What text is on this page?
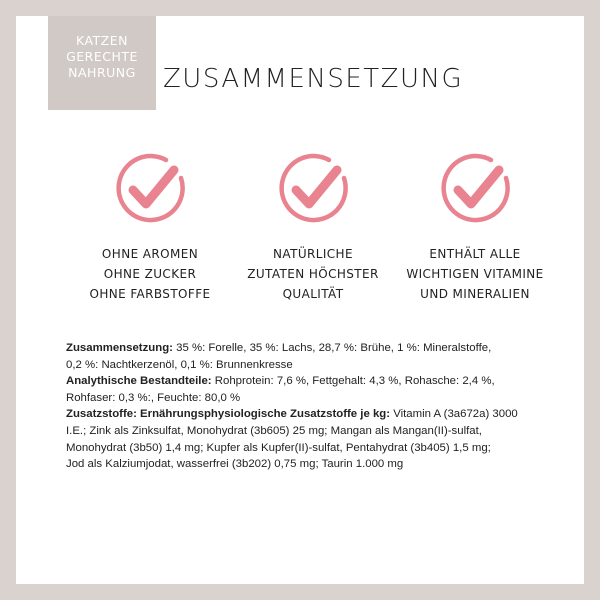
KATZEN
GERECHTE
NAHRUNG	ZUSAMMENSETZUNG
OHNE AROMEN
OHNE ZUCKER
OHNE FARBSTOFFE
NATÜRLICHE
ZUTATEN HÖCHSTER
QUALITÄT
ENTHÄLT ALLE
WICHTIGEN VITAMINE
UND MINERALIEN
Zusammensetzung: 35 %: Forelle, 35 %: Lachs, 28,7 %: Brühe, 1 %: Mineralstoffe,
0,2 %: Nachtkerzenöl, 0,1 %: Brunnenkresse
Analythische Bestandteile: Rohprotein: 7,6 %, Fettgehalt: 4,3 %, Rohasche: 2,4 %,
Rohfaser: 0,3 %:, Feuchte: 80,0 %
Zusatzstoffe: Ernährungsphysiologische Zusatzstoffe je kg: Vitamin A (3a672a) 3000
I.E.; Zink als Zinksulfat, Monohydrat (3b605) 25 mg; Mangan als Mangan(II)-sulfat,
Monohydrat (3b50) 1,4 mg; Kupfer als Kupfer(II)-sulfat, Pentahydrat (3b405) 1,5 mg;
Jod als Kalziumjodat, wasserfrei (3b202) 0,75 mg; Taurin 1.000 mg
